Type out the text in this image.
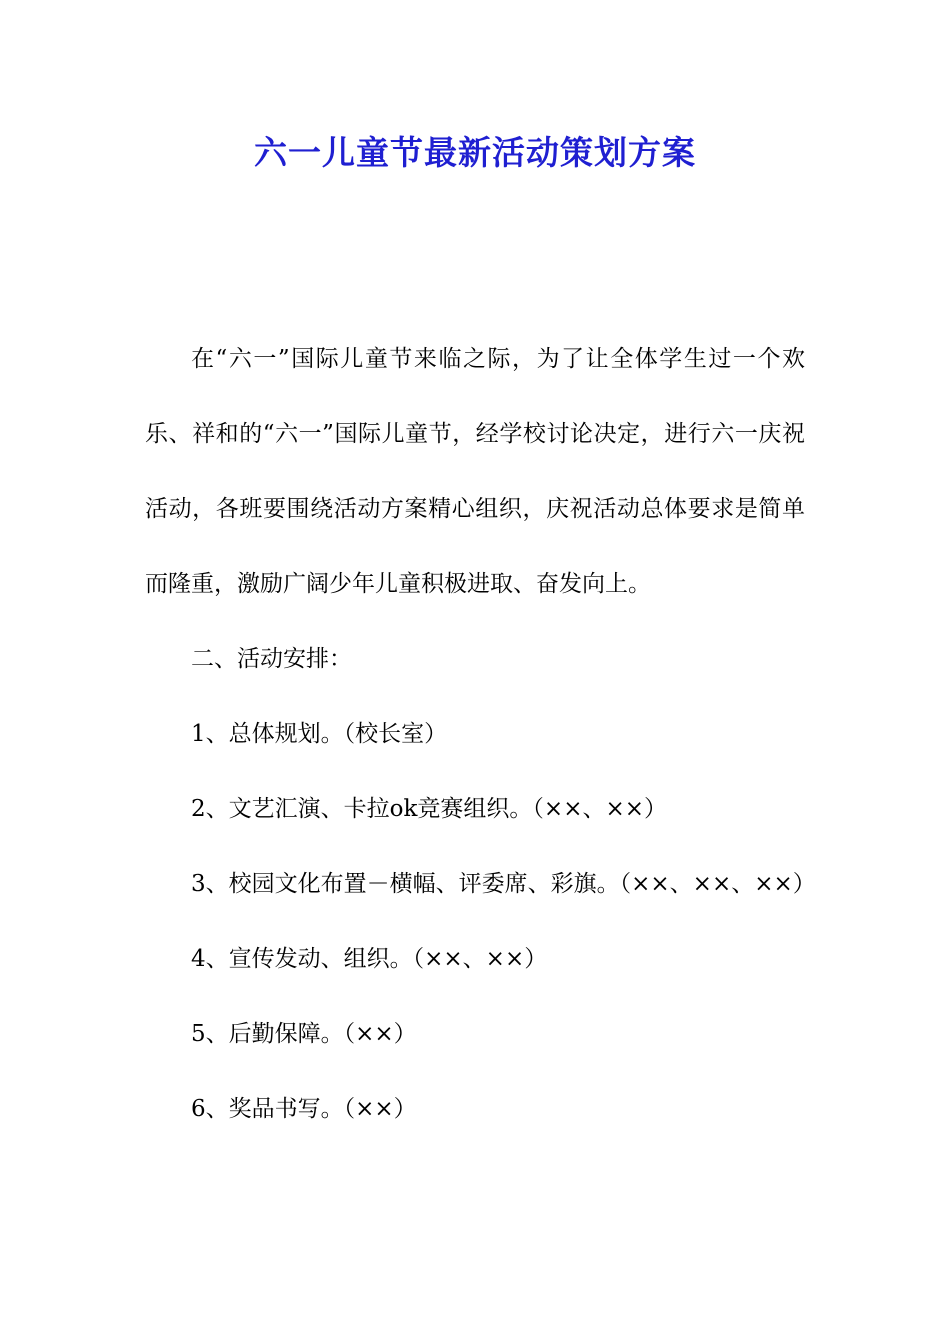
六一儿童节最新活动策划方案

在“六一”国际儿童节来临之际，为了让全体学生过一个欢乐、祥和的“六一”国际儿童节，经学校讨论决定，进行六一庆祝活动，各班要围绕活动方案精心组织，庆祝活动总体要求是简单而隆重，激励广阔少年儿童积极进取、奋发向上。

二、活动安排：

1、总体规划。（校长室）

2、文艺汇演、卡拉ok竞赛组织。（××、××）

3、校园文化布置－横幅、评委席、彩旗。（××、××、××）

4、宣传发动、组织。（××、××）

5、后勤保障。（××）

6、奖品书写。（××）
